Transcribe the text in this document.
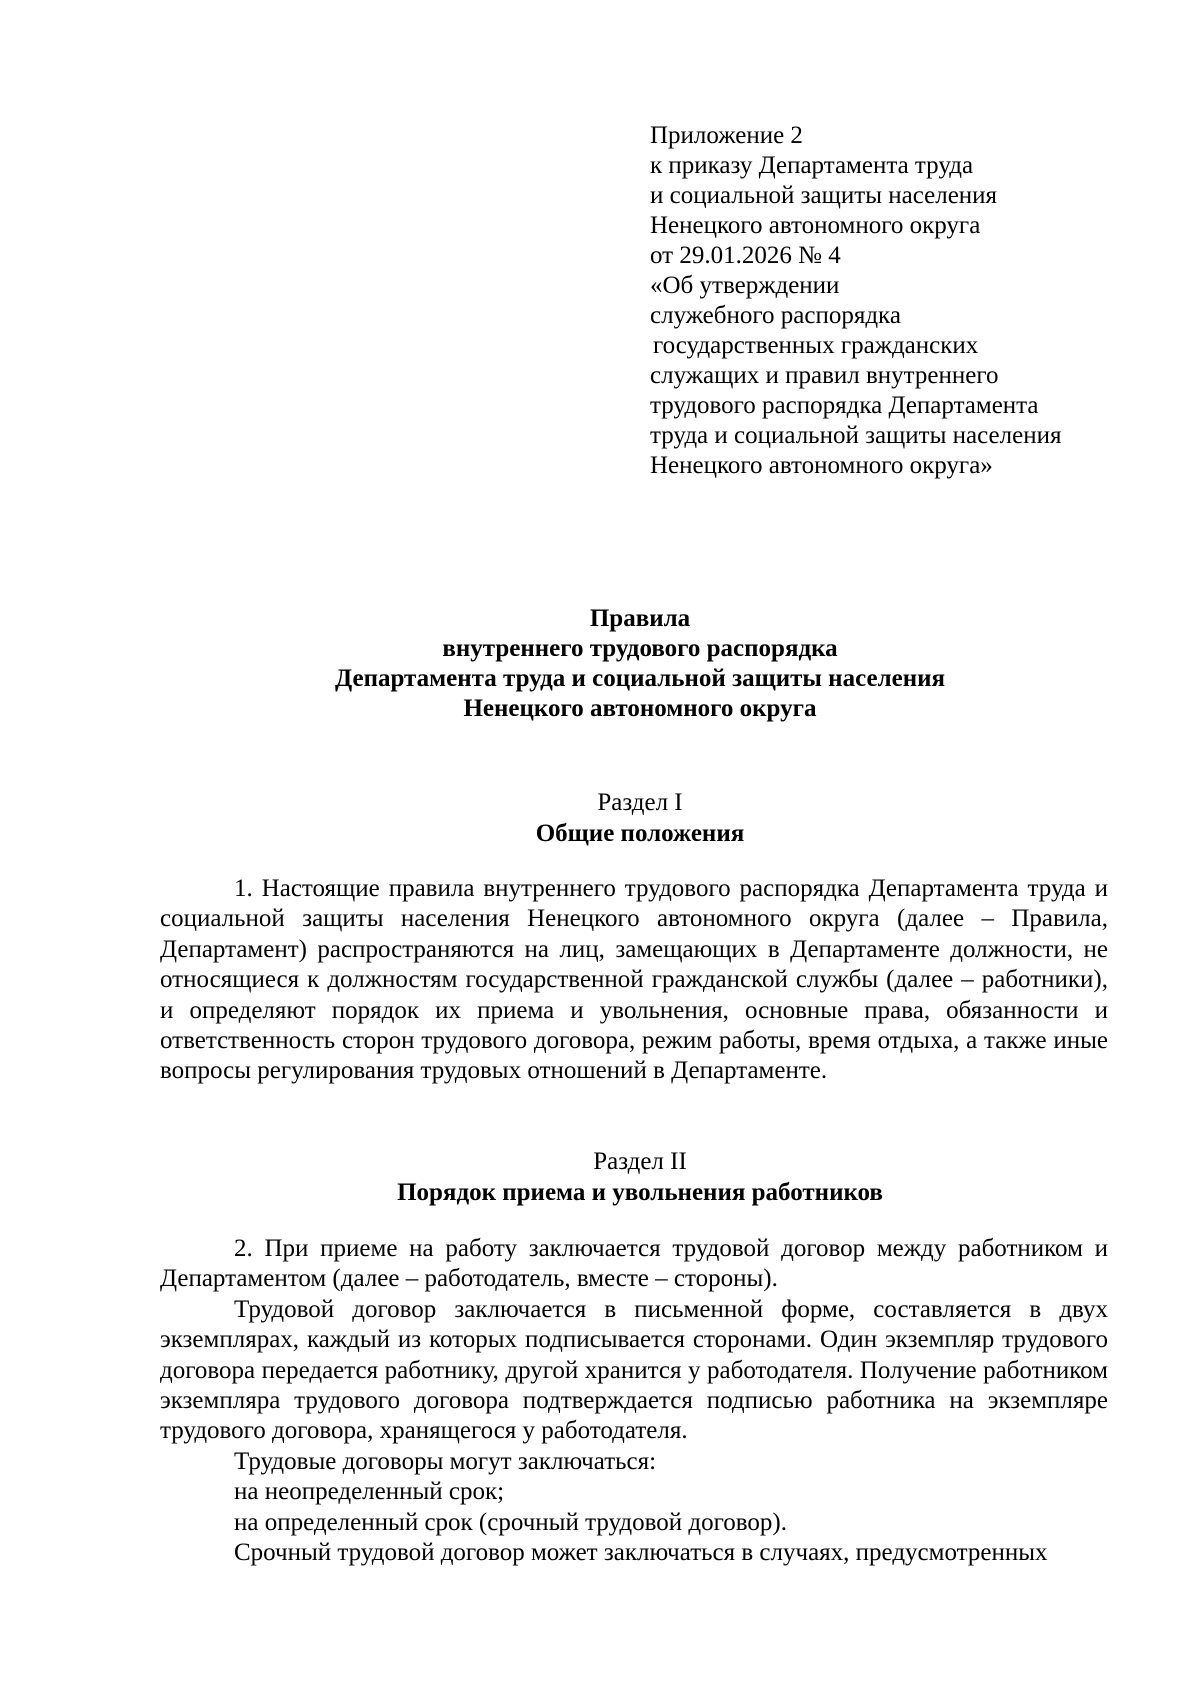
Приложение 2
к приказу Департамента труда
и социальной защиты населения
Ненецкого автономного округа
от 29.01.2026 № 4
«Об утверждении
служебного распорядка
государственных гражданских
служащих и правил внутреннего
трудового распорядка Департамента
труда и социальной защиты населения
Ненецкого автономного округа»
Правила
внутреннего трудового распорядка
Департамента труда и социальной защиты населения
Ненецкого автономного округа
Раздел I
Общие положения

1. Настоящие правила внутреннего трудового распорядка Департамента труда и социальной защиты населения Ненецкого автономного округа (далее – Правила, Департамент) распространяются на лиц, замещающих в Департаменте должности, не относящиеся к должностям государственной гражданской службы (далее – работники), и определяют порядок их приема и увольнения, основные права, обязанности и ответственность сторон трудового договора, режим работы, время отдыха, а также иные вопросы регулирования трудовых отношений в Департаменте.

Раздел II
Порядок приема и увольнения работников

2. При приеме на работу заключается трудовой договор между работником и Департаментом (далее – работодатель, вместе – стороны).

Трудовой договор заключается в письменной форме, составляется в двух экземплярах, каждый из которых подписывается сторонами. Один экземпляр трудового договора передается работнику, другой хранится у работодателя. Получение работником экземпляра трудового договора подтверждается подписью работника на экземпляре трудового договора, хранящегося у работодателя.

Трудовые договоры могут заключаться:

на неопределенный срок;

на определенный срок (срочный трудовой договор).

Срочный трудовой договор может заключаться в случаях, предусмотренных
